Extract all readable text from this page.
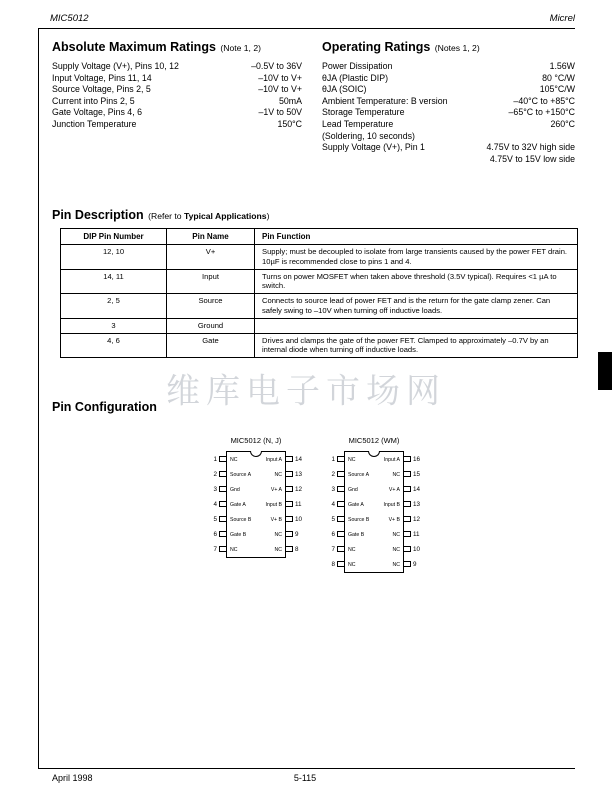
维库电子市场网
MIC5012	Micrel
Absolute Maximum Ratings (Note 1, 2)
Supply Voltage (V+), Pins 10, 12	–0.5V to 36V
Input Voltage, Pins 11, 14	–10V to V+
Source Voltage, Pins 2, 5	–10V to V+
Current into Pins 2, 5	50mA
Gate Voltage, Pins 4, 6	–1V to 50V
Junction Temperature	150°C
Operating Ratings (Notes 1, 2)
Power Dissipation	1.56W
θJA (Plastic DIP)	80 °C/W
θJA (SOIC)	105°C/W
Ambient Temperature: B version	–40°C to +85°C
Storage Temperature	–65°C to +150°C
Lead Temperature	260°C
(Soldering, 10 seconds)
Supply Voltage (V+), Pin 1	4.75V to 32V high side
4.75V to 15V low side
Pin Description (Refer to Typical Applications)
DIP Pin Number	Pin Name	Pin Function
12, 10	V+	Supply; must be decoupled to isolate from large transients caused by the power FET drain. 10µF is recommended close to pins 1 and 4.
14, 11	Input	Turns on power MOSFET when taken above threshold (3.5V typical). Requires <1 µA to switch.
2, 5	Source	Connects to source lead of power FET and is the return for the gate clamp zener. Can safely swing to –10V when turning off inductive loads.
3	Ground	
4, 6	Gate	Drives and clamps the gate of the power FET. Clamped to approximately –0.7V by an internal diode when turning off inductive loads.
Pin Configuration
MIC5012 (N, J)
1	NC	Input A 14
2	Source A	NC 13
3	Gnd	V+ A 12
4	Gate A	Input B 11
5	Source B	V+ B 10
6	Gate B	NC 9
7	NC	NC 8
MIC5012 (WM)
1	NC	Input A 16
2	Source A	NC 15
3	Gnd	V+ A 14
4	Gate A	Input B 13
5	Source B	V+ B 12
6	Gate B	NC 11
7	NC	NC 10
8	NC	NC 9
April 1998	5-115
